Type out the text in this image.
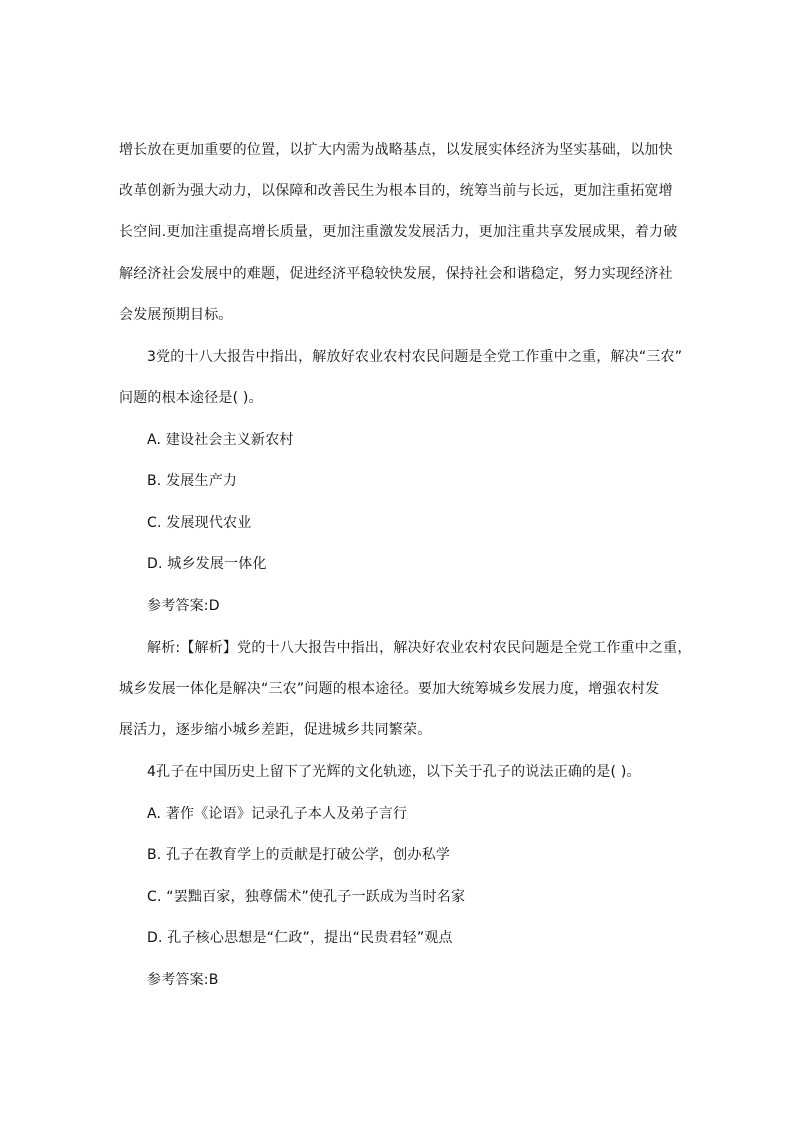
增长放在更加重要的位置，以扩大内需为战略基点，以发展实体经济为坚实基础，以加快
改革创新为强大动力，以保障和改善民生为根本目的，统筹当前与长远，更加注重拓宽增
长空间.更加注重提高增长质量，更加注重激发发展活力，更加注重共享发展成果，着力破
解经济社会发展中的难题，促进经济平稳较快发展，保持社会和谐稳定，努力实现经济社
会发展预期目标。
3党的十八大报告中指出，解放好农业农村农民问题是全党工作重中之重，解决“三农”
问题的根本途径是( )。
A. 建设社会主义新农村
B. 发展生产力
C. 发展现代农业
D. 城乡发展一体化
参考答案:D
解析:【解析】党的十八大报告中指出，解决好农业农村农民问题是全党工作重中之重，
城乡发展一体化是解决“三农”问题的根本途径。要加大统筹城乡发展力度，增强农村发
展活力，逐步缩小城乡差距，促进城乡共同繁荣。
4孔子在中国历史上留下了光辉的文化轨迹，以下关于孔子的说法正确的是( )。
A. 著作《论语》记录孔子本人及弟子言行
B. 孔子在教育学上的贡献是打破公学，创办私学
C. “罢黜百家，独尊儒术”使孔子一跃成为当时名家
D. 孔子核心思想是“仁政”，提出“民贵君轻”观点
参考答案:B
